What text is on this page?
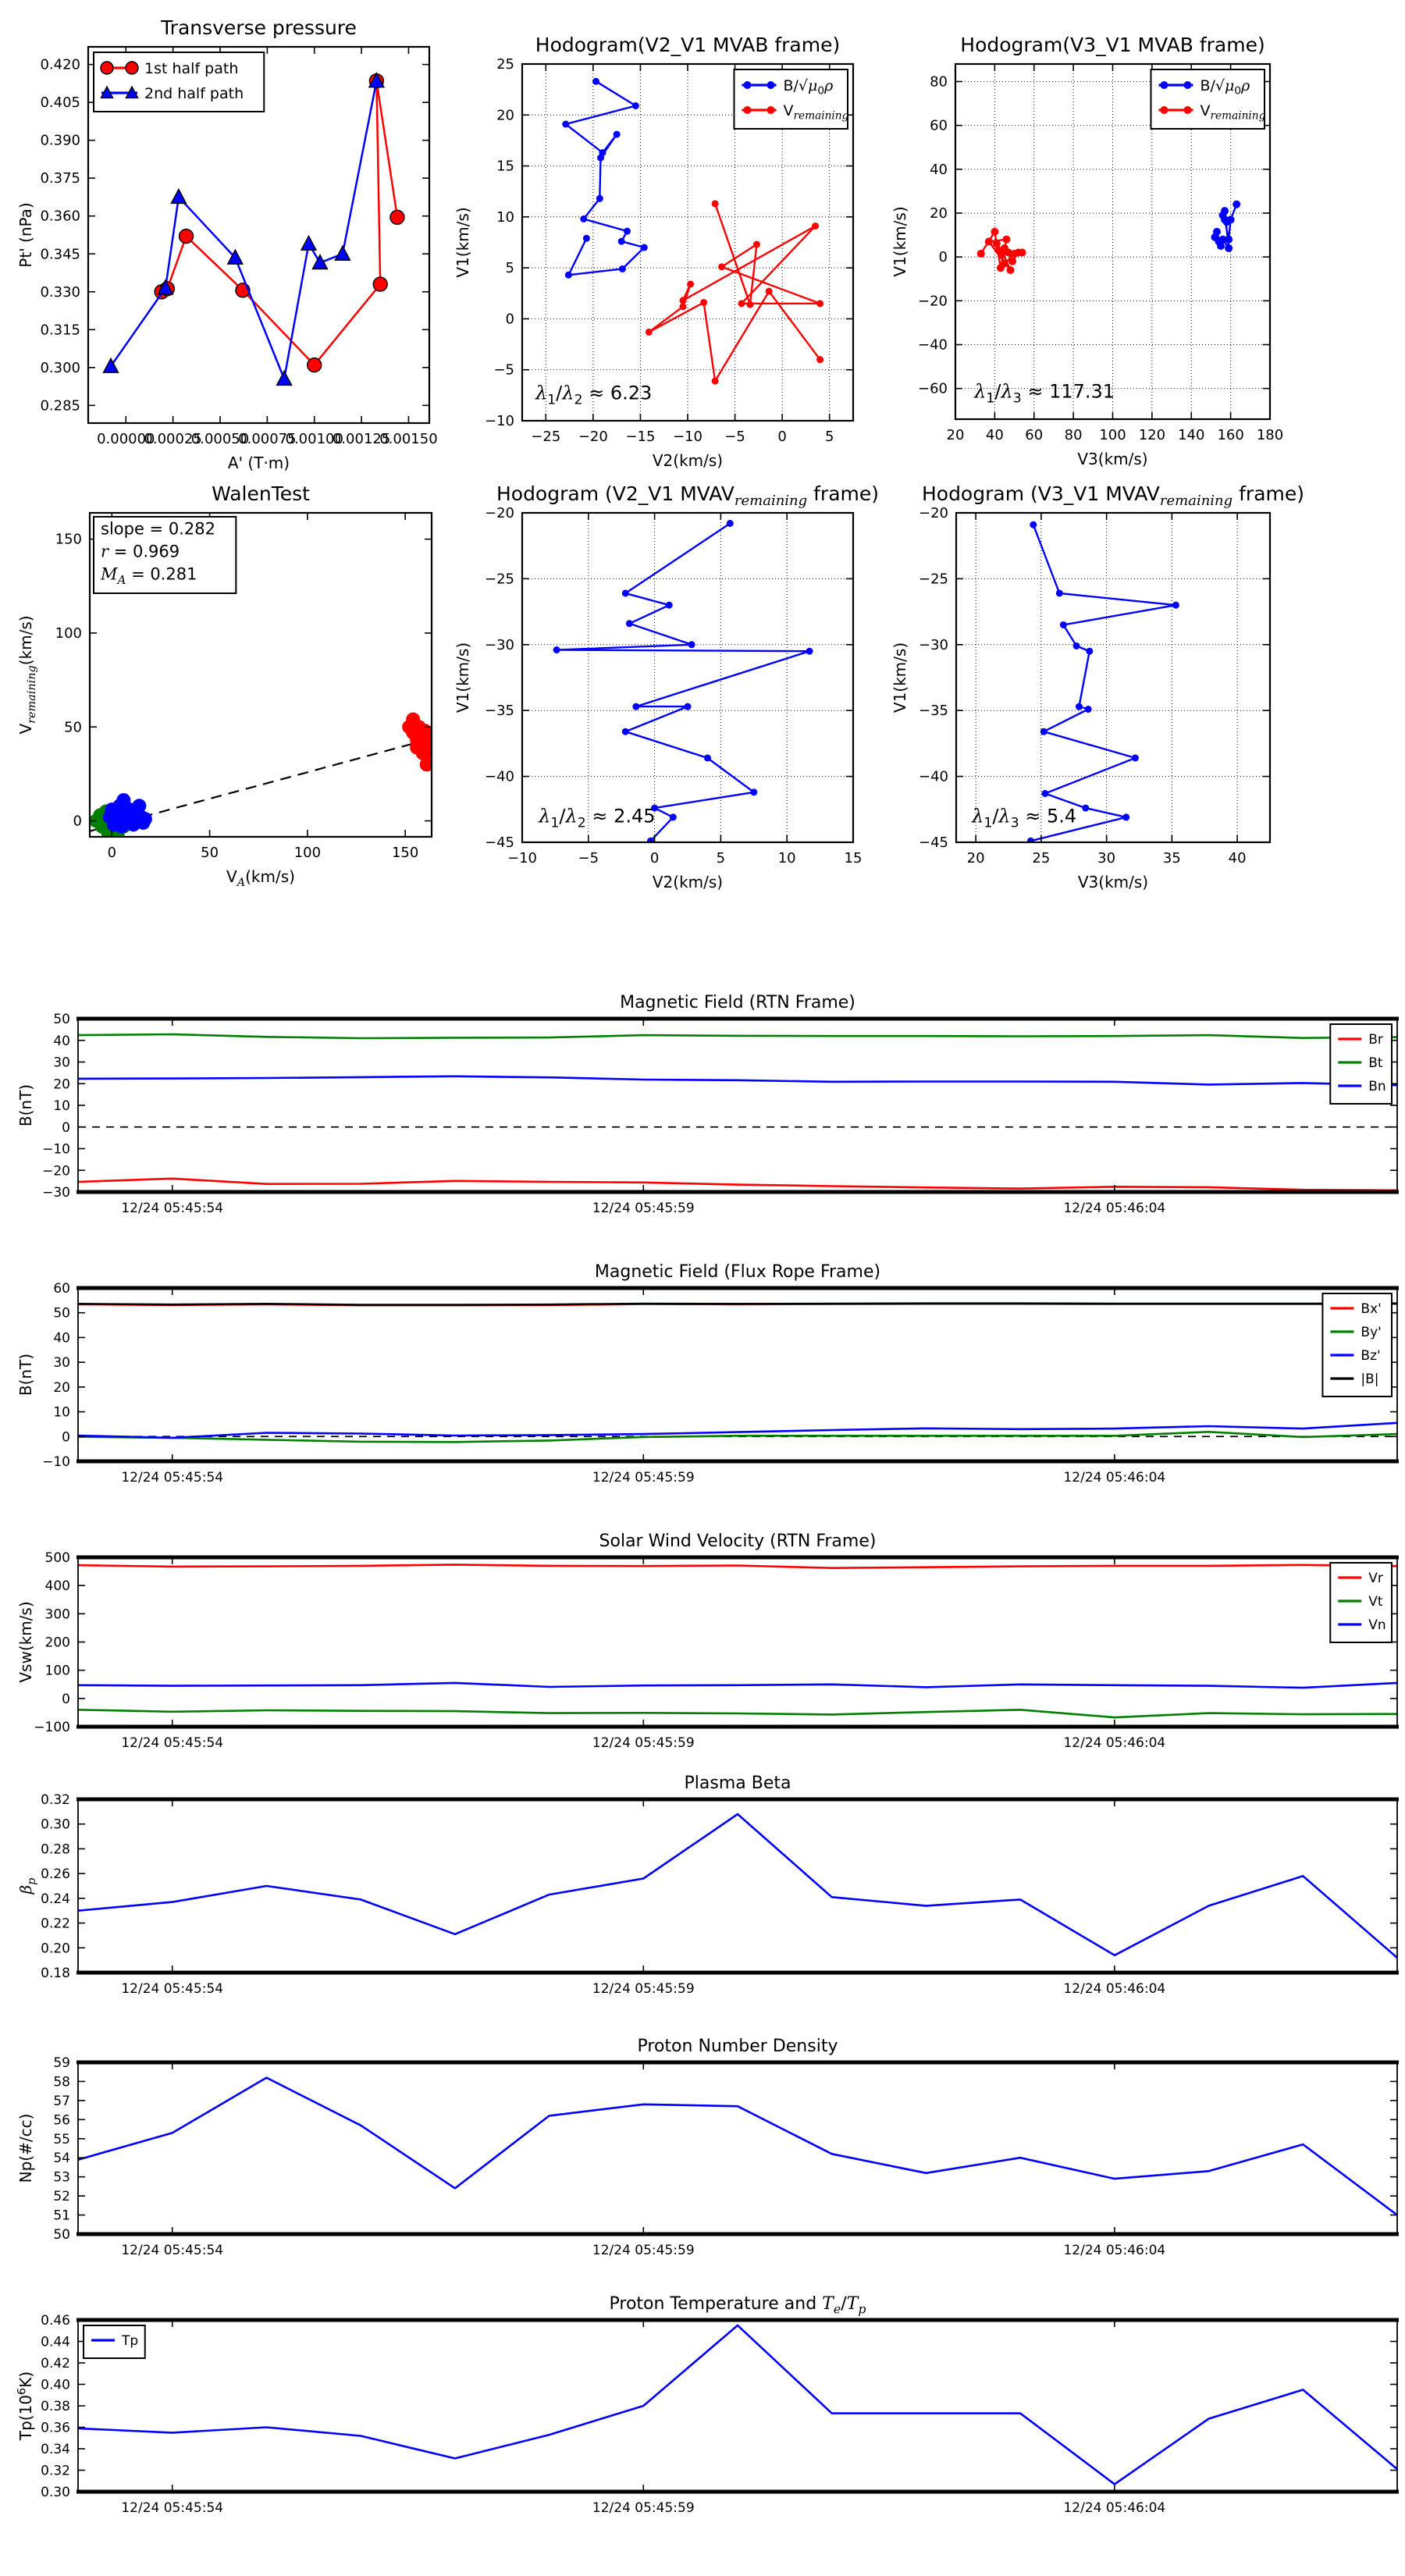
0.00000
0.00025
0.00050
0.00075
0.00100
0.00125
0.00150
0.285
0.300
0.315
0.330
0.345
0.360
0.375
0.390
0.405
0.420
Transverse pressure
A' (T·m)
Pt' (nPa)
1st half path
2nd half path
−25 −20 −15 −10 −5 0	5
−10
−5
0
5
10
15
20
25
Hodogram(V2_V1 MVAB frame)
V2(km/s)
V1(km/s)
$B/√\mu_0\rho$
$V_{remaining}$
$\lambda_1/\lambda_2 \approx 6.23$
20 40 60 80 100 120 140 160 180
−60
−40
−20
0
20
40
60
80
Hodogram(V3_V1 MVAB frame)
V3(km/s)
V1(km/s)
$B/√\mu_0\rho$
$V_{remaining}$
$\lambda_1/\lambda_3 \approx 117.31$
0	50	100	150
0
50
100
150
WalenTest
$V_A(km/s)$
$V_{remaining}(km/s)$
slope = 0.282
r = 0.969
$M_A = 0.281$
−10	−5	0	5	10	15
−45
−40
−35
−30
−25
−20
Hodogram (V2_V1 $MVAV_{remaining}$ frame)
V2(km/s)
V1(km/s)
$\lambda_1/\lambda_2 \approx 2.45$
20	25	30	35	40
−45
−40
−35
−30
−25
−20
Hodogram (V3_V1 $MVAV_{remaining}$ frame)
V3(km/s)
V1(km/s)
$\lambda_1/\lambda_3 \approx 5.4$
12/24 05:45:54	12/24 05:45:59	12/24 05:46:04
−30
−20
−10
0
10
20
30
40
50
Magnetic Field (RTN Frame)
B(nT)
Br
Bt
Bn
12/24 05:45:54	12/24 05:45:59	12/24 05:46:04
−10
0
10
20
30
40
50
60
Magnetic Field (Flux Rope Frame)
B(nT)
Bx'
By'
Bz'
|B|
12/24 05:45:54	12/24 05:45:59	12/24 05:46:04
−100
0
100
200
300
400
500
Solar Wind Velocity (RTN Frame)
Vsw(km/s)
Vr
Vt
Vn
12/24 05:45:54	12/24 05:45:59	12/24 05:46:04
0.18
0.20
0.22
0.24
0.26
0.28
0.30
0.32
Plasma Beta
$\beta_p$
12/24 05:45:54	12/24 05:45:59	12/24 05:46:04
50
51
52
53
54
55
56
57
58
59
Proton Number Density
Np(#/cc)
12/24 05:45:54	12/24 05:45:59	12/24 05:46:04
0.30
0.32
0.34
0.36
0.38
0.40
0.42
0.44
0.46
Proton Temperature and $T_e/T_p$
$Tp(10^6K)$
Tp
